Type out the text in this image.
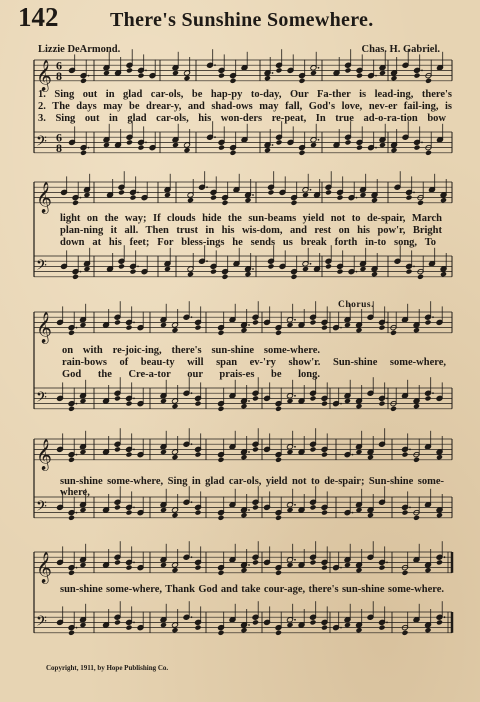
142	There's Sunshine Somewhere.
Lizzie DeArmond.	Chas. H. Gabriel.
𝄞 6
8
𝄢 6
8
1. Sing out in glad car-ols, be hap-py to-day, Our Fa-ther is lead-ing, there's
2. The days may be drear-y, and shad-ows may fall, God's love, nev-er fail-ing, is
3. Sing out in glad car-ols, his won-ders re-peat, In true ad-o-ra-tion bow
𝄞
𝄢
light on the way; If clouds hide the sun-beams yield not to de-spair, March
plan-ning it all. Then trust in his wis-dom, and rest on his pow'r, Bright
down at his feet; For bless-ings he sends us break forth in-to song, To
Chorus.
𝄞
𝄢
on with re-joic-ing, there's sun-shine some-where.
rain-bows of beau-ty will span ev-'ry show'r. Sun-shine some-where,
God the Cre-a-tor our prais-es be long.
𝄞
𝄢
sun-shine some-where, Sing in glad car-ols, yield not to de-spair; Sun-shine some-where,
𝄞
𝄢
sun-shine some-where, Thank God and take cour-age, there's sun-shine some-where.
Copyright, 1911, by Hope Publishing Co.
